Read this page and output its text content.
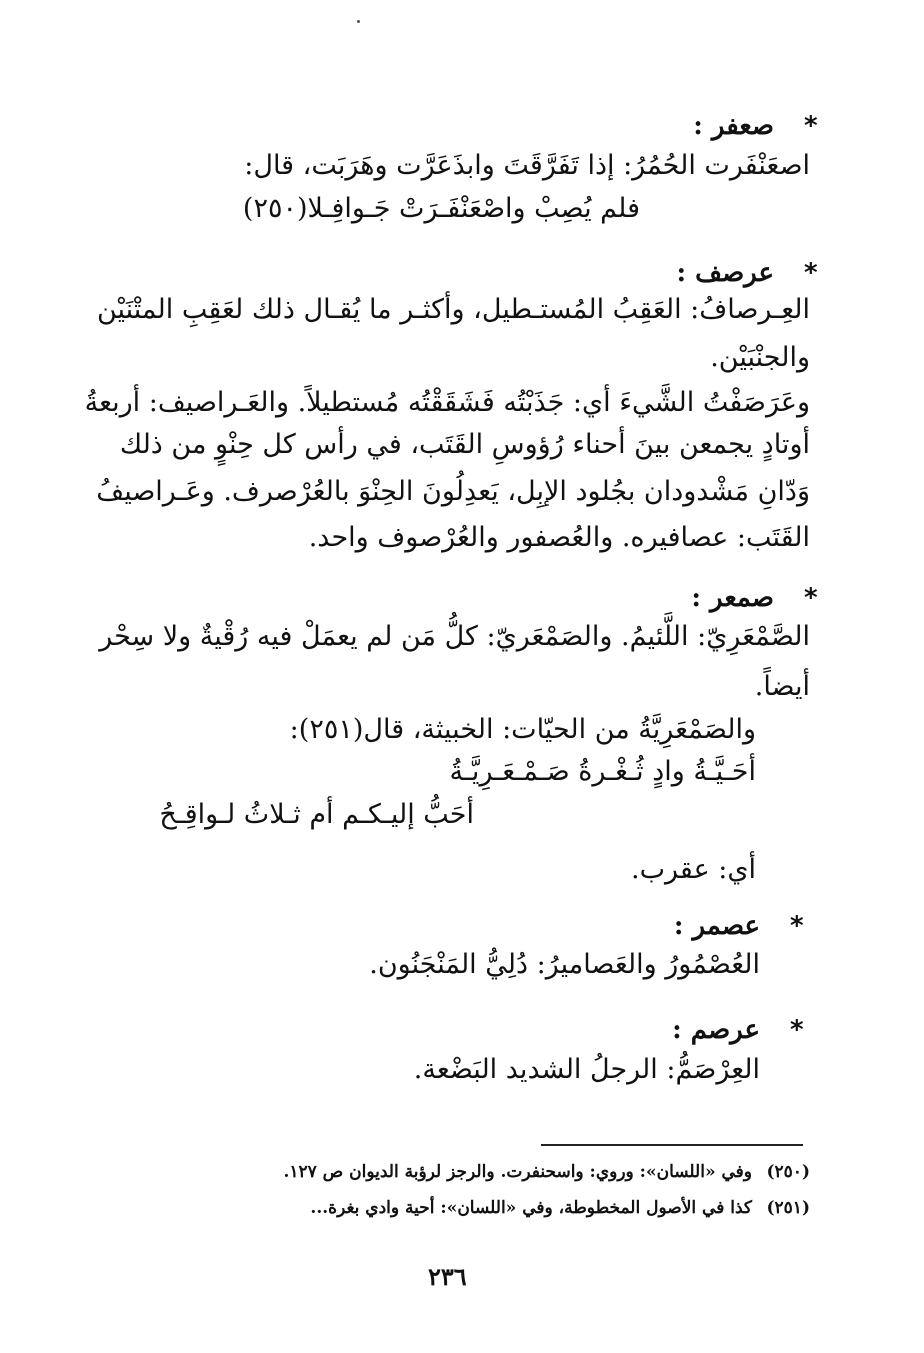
*
صعفر :
اصعَنْفَرت الحُمُرُ: إذا تَفَرَّقَتَ وابذَعَرَّت وهَرَبَت، قال:
فلم يُصِبْ واصْعَنْفَـرَتْ جَـوافِـلا(٢٥٠)
*
عرصف :
العِـرصافُ: العَقِبُ المُستـطيل، وأكثـر ما يُقـال ذلك لعَقِبِ المتْنَيْن
والجنْبَيْن.
وعَرَصَفْتُ الشَّيءَ أي: جَذَبْتُه فَشَقَقْتُه مُستطيلاً. والعَـراصيف: أربعةُ
أوتادٍ يجمعن بينَ أحناء رُؤوسِ القَتَب، في رأس كل حِنْوٍ من ذلك
وَدّانِ مَشْدودان بجُلود الإبِل، يَعدِلُونَ الحِنْوَ بالعُرْصرف. وعَـراصيفُ
القَتَب: عصافيره. والعُصفور والعُرْصوف واحد.
*
صمعر :
الصَّمْعَرِيّ: اللَّئيمُ. والصَمْعَريّ: كلُّ مَن لم يعمَلْ فيه رُقْيةٌ ولا سِحْر
أيضاً.
والصَمْعَرِيَّةُ من الحيّات: الخبيثة، قال(٢٥١):
أحَـيَّـةُ وادٍ ثُـغْـرةُ صَـمْـعَـرِيَّـةُ
أحَبُّ إليـكـم أم ثـلاثُ لـواقِـحُ
أي: عقرب.
*
عصمر :
العُصْمُورُ والعَصاميرُ: دُلِيُّ المَنْجَنُون.
*
عرصم :
العِرْصَمُّ: الرجلُ الشديد البَضْعة.
(٢٥٠)وفي «اللسان»: وروي: واسحنفرت. والرجز لرؤبة الديوان ص ١٢٧.
(٢٥١)كذا في الأصول المخطوطة، وفي «اللسان»: أحية وادي بغرة...
٢٣٦
